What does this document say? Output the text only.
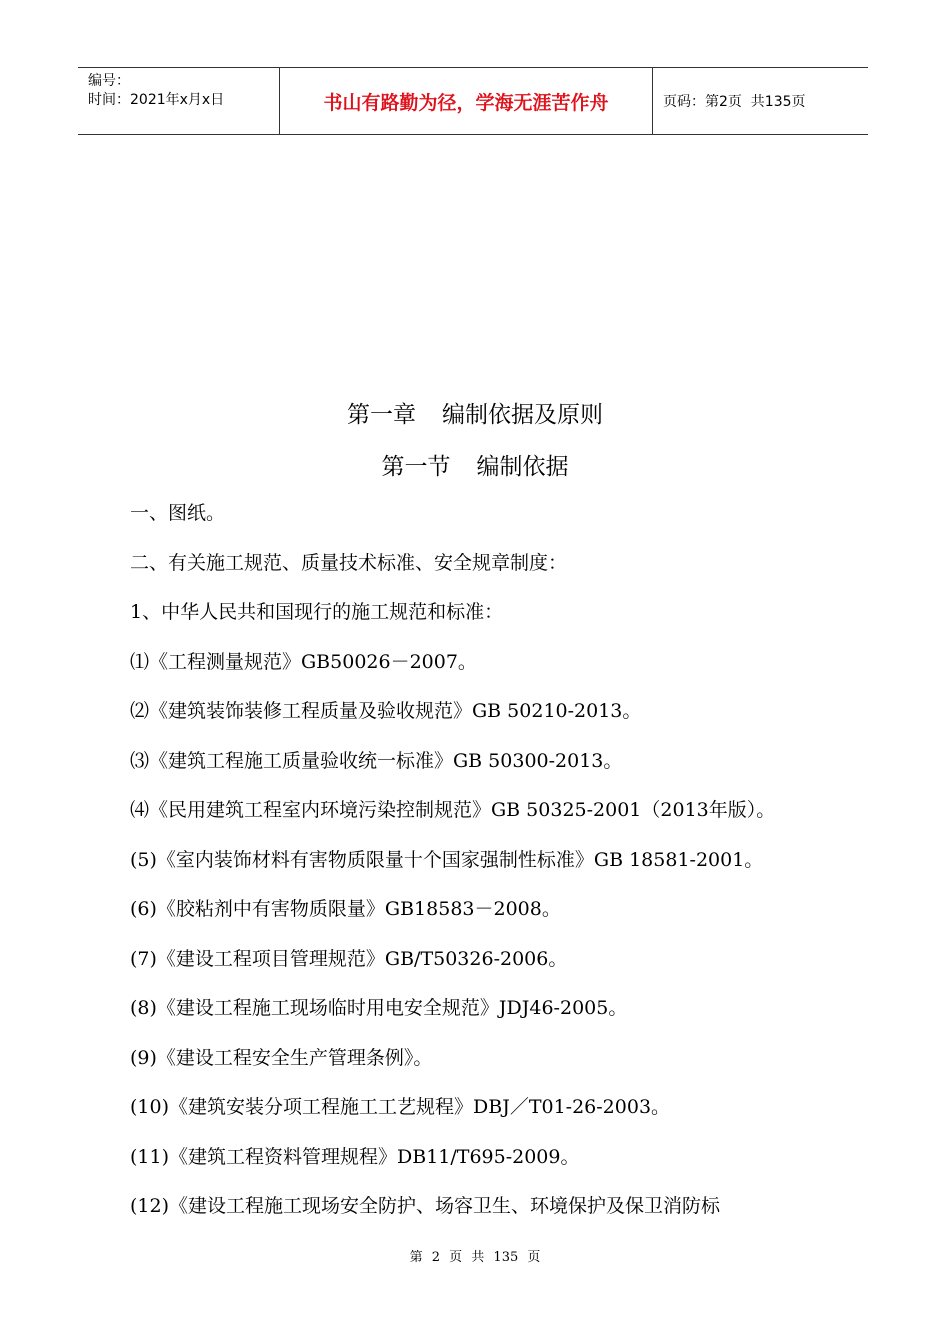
编号：
时间：2021年x月x日	书山有路勤为径，学海无涯苦作舟	页码：第2页  共135页
第一章 编制依据及原则
第一节 编制依据
一、图纸。
二、有关施工规范、质量技术标准、安全规章制度：
1、中华人民共和国现行的施工规范和标准：
⑴《工程测量规范》GB50026－2007。
⑵《建筑装饰装修工程质量及验收规范》GB 50210-2013。
⑶《建筑工程施工质量验收统一标准》GB 50300-2013。
⑷《民用建筑工程室内环境污染控制规范》GB 50325-2001（2013年版）。
(5)《室内装饰材料有害物质限量十个国家强制性标准》GB 18581-2001。
(6)《胶粘剂中有害物质限量》GB18583－2008。
(7)《建设工程项目管理规范》GB/T50326-2006。
(8)《建设工程施工现场临时用电安全规范》JDJ46-2005。
(9)《建设工程安全生产管理条例》。
(10)《建筑安装分项工程施工工艺规程》DBJ／T01-26-2003。
(11)《建筑工程资料管理规程》DB11/T695-2009。
(12)《建设工程施工现场安全防护、场容卫生、环境保护及保卫消防标
第 2 页 共 135 页
